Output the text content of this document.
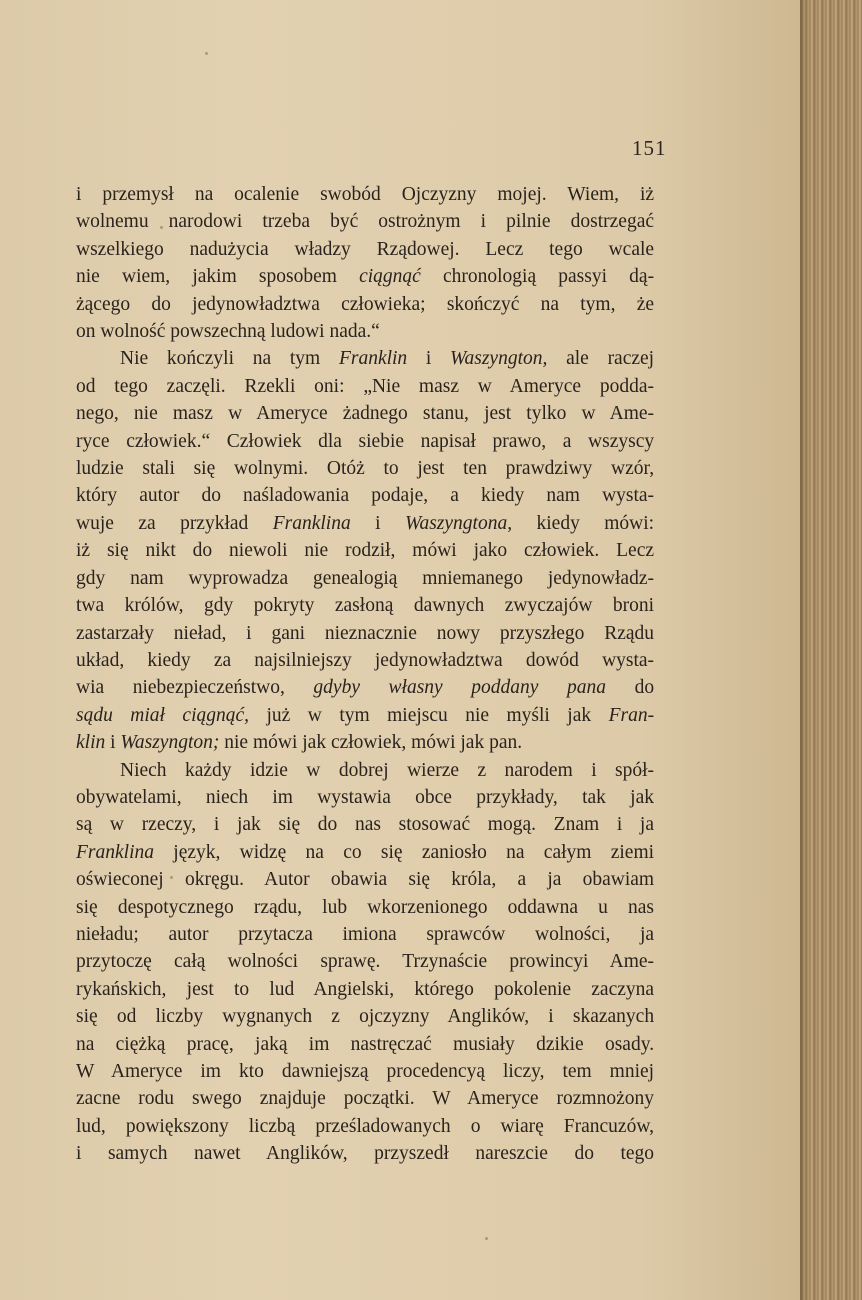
151
i przemysł na ocalenie swobód Ojczyzny mojej. Wiem, iż
wolnemu narodowi trzeba być ostrożnym i pilnie dostrzegać
wszelkiego nadużycia władzy Rządowej. Lecz tego wcale
nie wiem, jakim sposobem ciągnąć chronologią passyi dą-
żącego do jedynowładztwa człowieka; skończyć na tym, że
on wolność powszechną ludowi nada.“
Nie kończyli na tym Franklin i Waszyngton, ale raczej
od tego zaczęli. Rzekli oni: „Nie masz w Ameryce podda-
nego, nie masz w Ameryce żadnego stanu, jest tylko w Ame-
ryce człowiek.“ Człowiek dla siebie napisał prawo, a wszyscy
ludzie stali się wolnymi. Otóż to jest ten prawdziwy wzór,
który autor do naśladowania podaje, a kiedy nam wysta-
wuje za przykład Franklina i Waszyngtona, kiedy mówi:
iż się nikt do niewoli nie rodził, mówi jako człowiek. Lecz
gdy nam wyprowadza genealogią mniemanego jedynowładz-
twa królów, gdy pokryty zasłoną dawnych zwyczajów broni
zastarzały nieład, i gani nieznacznie nowy przyszłego Rządu
układ, kiedy za najsilniejszy jedynowładztwa dowód wysta-
wia niebezpieczeństwo, gdyby własny poddany pana do
sądu miał ciągnąć, już w tym miejscu nie myśli jak Fran-
klin i Waszyngton; nie mówi jak człowiek, mówi jak pan.
Niech każdy idzie w dobrej wierze z narodem i spół-
obywatelami, niech im wystawia obce przykłady, tak jak
są w rzeczy, i jak się do nas stosować mogą. Znam i ja
Franklina język, widzę na co się zaniosło na całym ziemi
oświeconej okręgu. Autor obawia się króla, a ja obawiam
się despotycznego rządu, lub wkorzenionego oddawna u nas
nieładu; autor przytacza imiona sprawców wolności, ja
przytoczę całą wolności sprawę. Trzynaście prowincyi Ame-
rykańskich, jest to lud Angielski, którego pokolenie zaczyna
się od liczby wygnanych z ojczyzny Anglików, i skazanych
na ciężką pracę, jaką im nastręczać musiały dzikie osady.
W Ameryce im kto dawniejszą procedencyą liczy, tem mniej
zacne rodu swego znajduje początki. W Ameryce rozmnożony
lud, powiększony liczbą prześladowanych o wiarę Francuzów,
i samych nawet Anglików, przyszedł nareszcie do tego
